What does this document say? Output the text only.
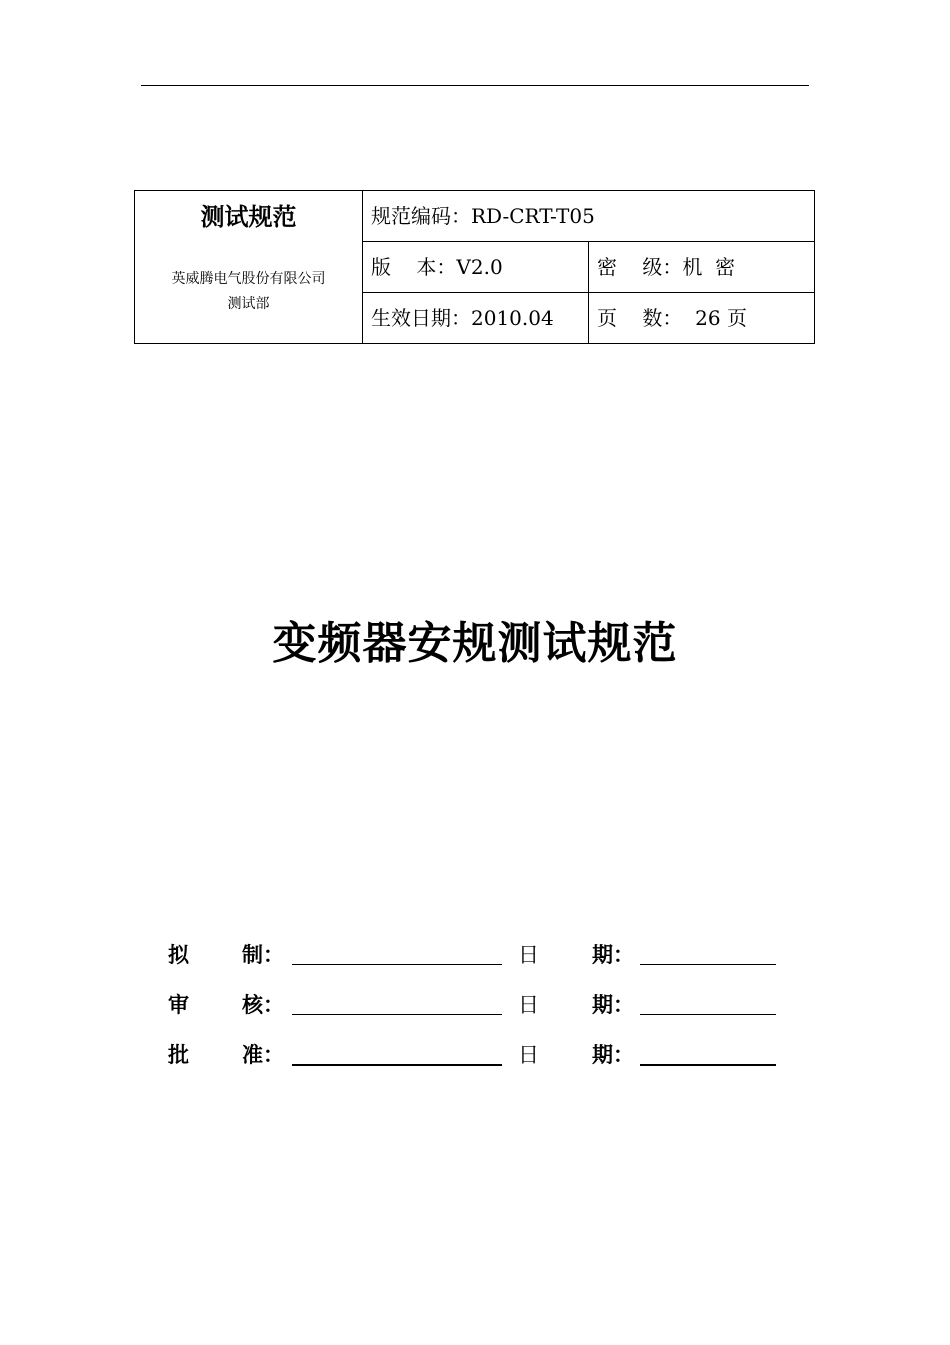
测试规范
英威腾电气股份有限公司
测试部
规范编码：RD-CRT-T05
版    本：V2.0	密    级：机  密
生效日期：2010.04 页    数：  26 页
变频器安规测试规范
拟	制：	日	期：
审	核：	日	期：
批	准：	日	期：
